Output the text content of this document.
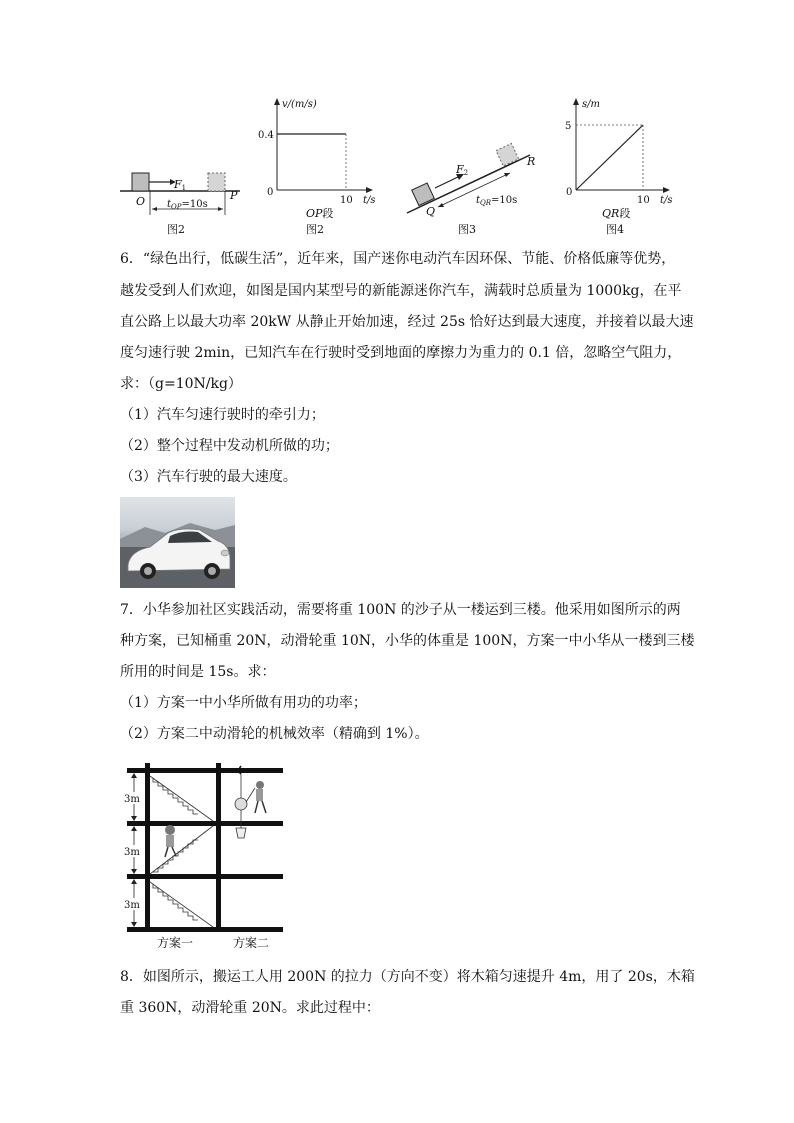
O	P
F1
$t_{OP}=10s$
图2
v/(m/s)
0.4
0
10 t/s
OP段
图2
F2
Q
R
$t_{QR}=10s$
图3
s/m
5
0
10 t/s
QR段
图4
6．“绿色出行，低碳生活”，近年来，国产迷你电动汽车因环保、节能、价格低廉等优势，
越发受到人们欢迎，如图是国内某型号的新能源迷你汽车，满载时总质量为 1000kg，在平
直公路上以最大功率 20kW 从静止开始加速，经过 25s 恰好达到最大速度，并接着以最大速
度匀速行驶 2min，已知汽车在行驶时受到地面的摩擦力为重力的 0.1 倍，忽略空气阻力，
求：（g=10N/kg）
（1）汽车匀速行驶时的牵引力；
（2）整个过程中发动机所做的功；
（3）汽车行驶的最大速度。
7．小华参加社区实践活动，需要将重 100N 的沙子从一楼运到三楼。他采用如图所示的两
种方案，已知桶重 20N，动滑轮重 10N，小华的体重是 100N，方案一中小华从一楼到三楼
所用的时间是 15s。求：
（1）方案一中小华所做有用功的功率；
（2）方案二中动滑轮的机械效率（精确到 1%）。
3m
3m
3m
方案一	方案二
8．如图所示，搬运工人用 200N 的拉力（方向不变）将木箱匀速提升 4m，用了 20s，木箱
重 360N，动滑轮重 20N。求此过程中：
